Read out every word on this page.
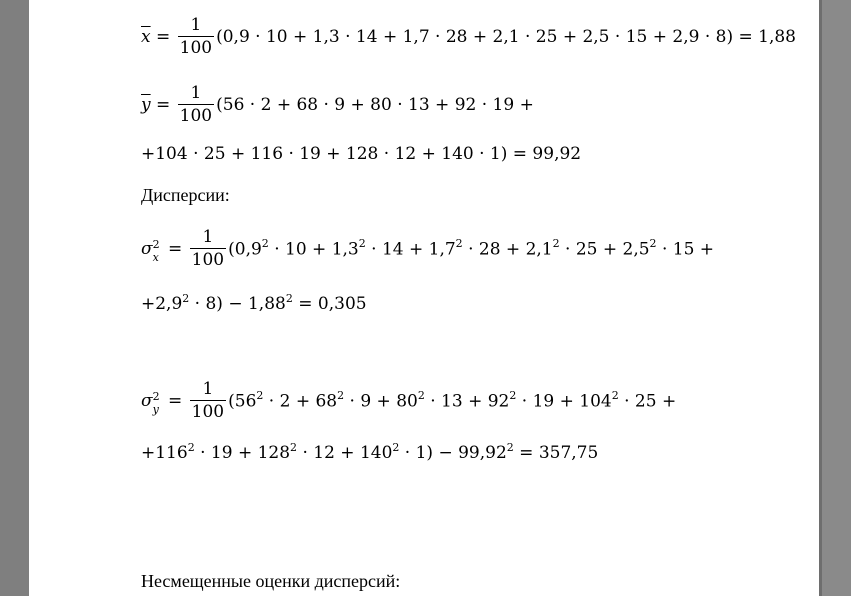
$\overline{x} = \frac{1}{100} (0,9 \cdot 10 + 1,3 \cdot 14 + 1,7 \cdot 28 + 2,1 \cdot 25 + 2,5 \cdot 15 + 2,9 \cdot 8) = 1,88$
$\overline{y} = \frac{1}{100} (56 \cdot 2 + 68 \cdot 9 + 80 \cdot 13 + 92 \cdot 19$ +
+104 · 25 + 116 · 19 + 128 · 12 + 140 · 1) = 99,92
Дисперсии:
σ 2
$x = \frac{1}{100} (0,9^2 \cdot 10 + 1,3^2 \cdot 14 + 1,7^2 \cdot 28 + 2,1^2 \cdot 25 + 2,5^2 \cdot 15$ +
$+2,9^2 \cdot 8) - 1,88^2 = 0,305$
σ 2
$y = \frac{1}{100} (56^2 \cdot 2 + 68^2 \cdot 9 + 80^2 \cdot 13 + 92^2 \cdot 19 + 104^2 \cdot 25$ +
$+116^2 \cdot 19 + 128^2 \cdot 12 + 140^2 \cdot 1) - 99,92^2 = 357,75$
Несмещенные оценки дисперсий:
